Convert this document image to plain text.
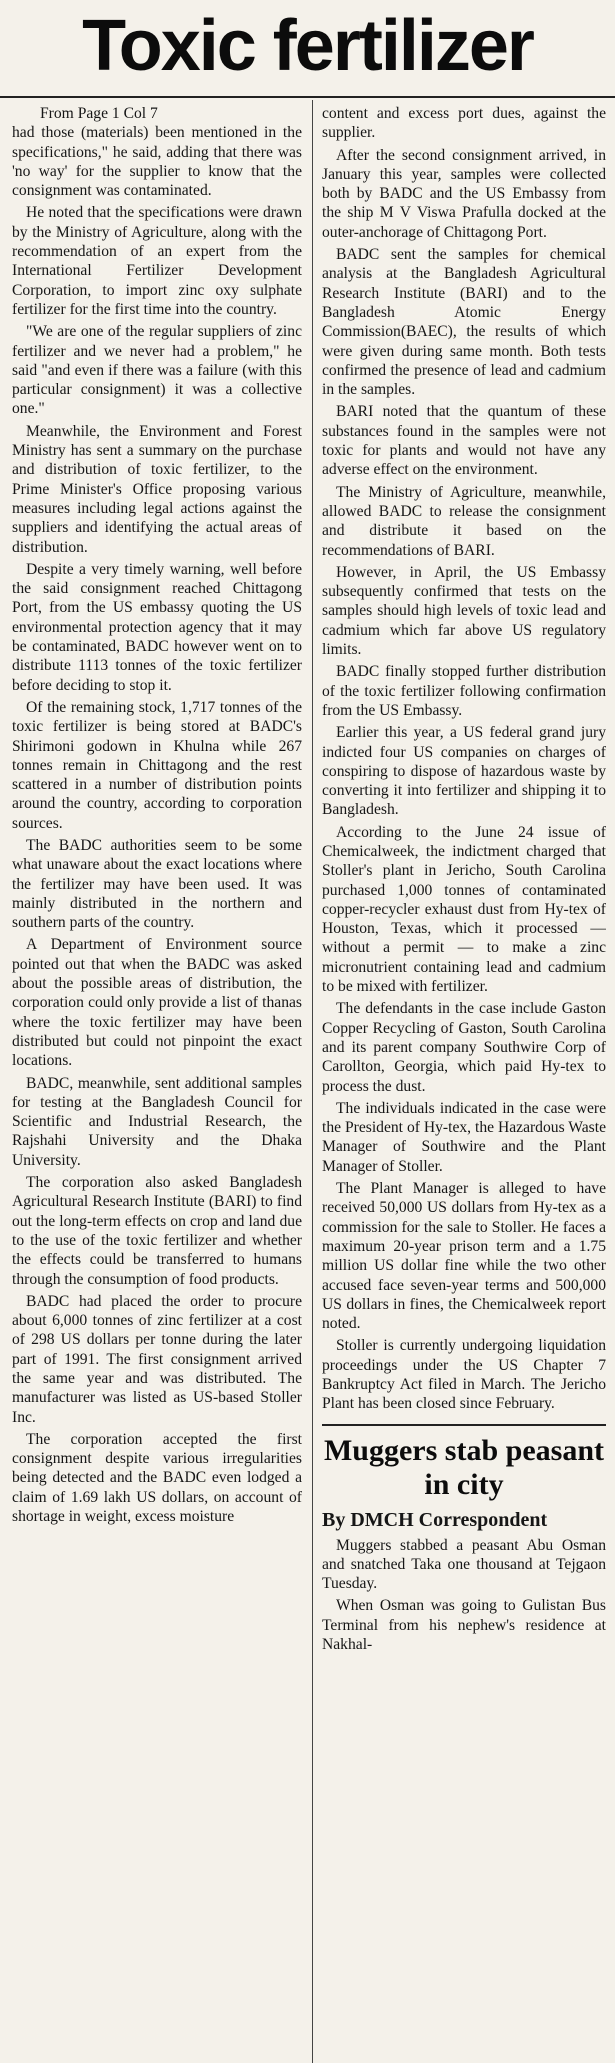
Toxic fertilizer

From Page 1 Col 7
had those (materials) been mentioned in the specifications," he said, adding that there was 'no way' for the supplier to know that the consignment was contaminated.

He noted that the specifications were drawn by the Ministry of Agriculture, along with the recommendation of an expert from the International Fertilizer Development Corporation, to import zinc oxy sulphate fertilizer for the first time into the country.

"We are one of the regular suppliers of zinc fertilizer and we never had a problem," he said "and even if there was a failure (with this particular consignment) it was a collective one."

Meanwhile, the Environment and Forest Ministry has sent a summary on the purchase and distribution of toxic fertilizer, to the Prime Minister's Office proposing various measures including legal actions against the suppliers and identifying the actual areas of distribution.

Despite a very timely warning, well before the said consignment reached Chittagong Port, from the US embassy quoting the US environmental protection agency that it may be contaminated, BADC however went on to distribute 1113 tonnes of the toxic fertilizer before deciding to stop it.

Of the remaining stock, 1,717 tonnes of the toxic fertilizer is being stored at BADC's Shirimoni godown in Khulna while 267 tonnes remain in Chittagong and the rest scattered in a number of distribution points around the country, according to corporation sources.

The BADC authorities seem to be some what unaware about the exact locations where the fertilizer may have been used. It was mainly distributed in the northern and southern parts of the country.

A Department of Environment source pointed out that when the BADC was asked about the possible areas of distribution, the corporation could only provide a list of thanas where the toxic fertilizer may have been distributed but could not pinpoint the exact locations.

BADC, meanwhile, sent additional samples for testing at the Bangladesh Council for Scientific and Industrial Research, the Rajshahi University and the Dhaka University.

The corporation also asked Bangladesh Agricultural Research Institute (BARI) to find out the long-term effects on crop and land due to the use of the toxic fertilizer and whether the effects could be transferred to humans through the consumption of food products.

BADC had placed the order to procure about 6,000 tonnes of zinc fertilizer at a cost of 298 US dollars per tonne during the later part of 1991. The first consignment arrived the same year and was distributed. The manufacturer was listed as US-based Stoller Inc.

The corporation accepted the first consignment despite various irregularities being detected and the BADC even lodged a claim of 1.69 lakh US dollars, on account of shortage in weight, excess moisture

content and excess port dues, against the supplier.

After the second consignment arrived, in January this year, samples were collected both by BADC and the US Embassy from the ship M V Viswa Prafulla docked at the outer-anchorage of Chittagong Port.

BADC sent the samples for chemical analysis at the Bangladesh Agricultural Research Institute (BARI) and to the Bangladesh Atomic Energy Commission(BAEC), the results of which were given during same month. Both tests confirmed the presence of lead and cadmium in the samples.

BARI noted that the quantum of these substances found in the samples were not toxic for plants and would not have any adverse effect on the environment.

The Ministry of Agriculture, meanwhile, allowed BADC to release the consignment and distribute it based on the recommendations of BARI.

However, in April, the US Embassy subsequently confirmed that tests on the samples should high levels of toxic lead and cadmium which far above US regulatory limits.

BADC finally stopped further distribution of the toxic fertilizer following confirmation from the US Embassy.

Earlier this year, a US federal grand jury indicted four US companies on charges of conspiring to dispose of hazardous waste by converting it into fertilizer and shipping it to Bangladesh.

According to the June 24 issue of Chemicalweek, the indictment charged that Stoller's plant in Jericho, South Carolina purchased 1,000 tonnes of contaminated copper-recycler exhaust dust from Hy-tex of Houston, Texas, which it processed — without a permit — to make a zinc micronutrient containing lead and cadmium to be mixed with fertilizer.

The defendants in the case include Gaston Copper Recycling of Gaston, South Carolina and its parent company Southwire Corp of Carollton, Georgia, which paid Hy-tex to process the dust.

The individuals indicated in the case were the President of Hy-tex, the Hazardous Waste Manager of Southwire and the Plant Manager of Stoller.

The Plant Manager is alleged to have received 50,000 US dollars from Hy-tex as a commission for the sale to Stoller. He faces a maximum 20-year prison term and a 1.75 million US dollar fine while the two other accused face seven-year terms and 500,000 US dollars in fines, the Chemicalweek report noted.

Stoller is currently undergoing liquidation proceedings under the US Chapter 7 Bankruptcy Act filed in March. The Jericho Plant has been closed since February.

Muggers stab peasant in city
By DMCH Correspondent

Muggers stabbed a peasant Abu Osman and snatched Taka one thousand at Tejgaon Tuesday.

When Osman was going to Gulistan Bus Terminal from his nephew's residence at Nakhal-
